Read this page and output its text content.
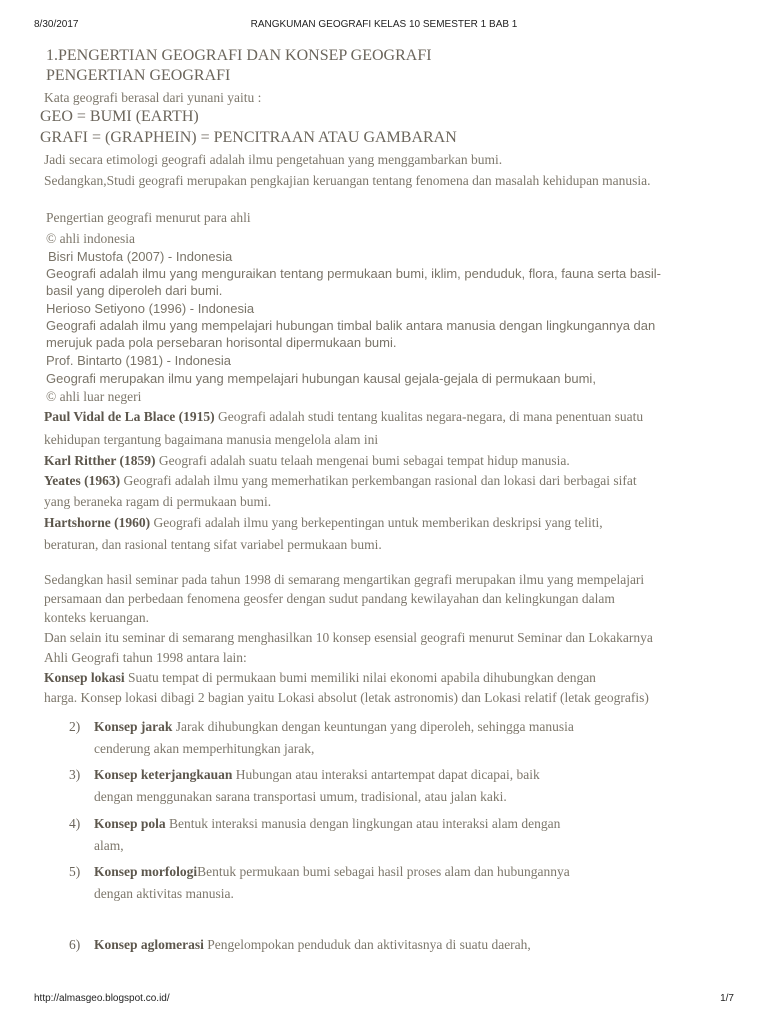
8/30/2017	RANGKUMAN GEOGRAFI KELAS 10 SEMESTER 1 BAB 1
1.PENGERTIAN GEOGRAFI DAN KONSEP GEOGRAFI
PENGERTIAN GEOGRAFI
Kata geografi berasal dari yunani yaitu :
GEO = BUMI (EARTH)
GRAFI = (GRAPHEIN) = PENCITRAAN ATAU GAMBARAN
Jadi secara etimologi geografi adalah ilmu pengetahuan yang menggambarkan bumi.
Sedangkan,Studi geografi merupakan pengkajian keruangan tentang fenomena dan masalah kehidupan manusia.
Pengertian geografi menurut para ahli
© ahli indonesia
Bisri Mustofa (2007) - Indonesia
Geografi adalah ilmu yang menguraikan tentang permukaan bumi, iklim, penduduk, flora, fauna serta basil-
basil yang diperoleh dari bumi.
Herioso Setiyono (1996) - Indonesia
Geografi adalah ilmu yang mempelajari hubungan timbal balik antara manusia dengan lingkungannya dan
merujuk pada pola persebaran horisontal dipermukaan bumi.
Prof. Bintarto (1981) - Indonesia
Geografi merupakan ilmu yang mempelajari hubungan kausal gejala-gejala di permukaan bumi,
© ahli luar negeri
Paul Vidal de La Blace (1915) Geografi adalah studi tentang kualitas negara-negara, di mana penentuan suatu
kehidupan tergantung bagaimana manusia mengelola alam ini
Karl Ritther (1859) Geografi adalah suatu telaah mengenai bumi sebagai tempat hidup manusia.
Yeates (1963) Geografi adalah ilmu yang memerhatikan perkembangan rasional dan lokasi dari berbagai sifat
yang beraneka ragam di permukaan bumi.
Hartshorne (1960) Geografi adalah ilmu yang berkepentingan untuk memberikan deskripsi yang teliti,
beraturan, dan rasional tentang sifat variabel permukaan bumi.
Sedangkan hasil seminar pada tahun 1998 di semarang mengartikan gegrafi merupakan ilmu yang mempelajari
persamaan dan perbedaan fenomena geosfer dengan sudut pandang kewilayahan dan kelingkungan dalam
konteks keruangan.
Dan selain itu seminar di semarang menghasilkan 10 konsep esensial geografi menurut Seminar dan Lokakarnya
Ahli Geografi tahun 1998 antara lain:
Konsep lokasi Suatu tempat di permukaan bumi memiliki nilai ekonomi apabila dihubungkan dengan
harga. Konsep lokasi dibagi 2 bagian yaitu Lokasi absolut (letak astronomis) dan Lokasi relatif (letak geografis)
2) Konsep jarak Jarak dihubungkan dengan keuntungan yang diperoleh, sehingga manusia
cenderung akan memperhitungkan jarak,
3) Konsep keterjangkauan Hubungan atau interaksi antartempat dapat dicapai, baik
dengan menggunakan sarana transportasi umum, tradisional, atau jalan kaki.
4) Konsep pola Bentuk interaksi manusia dengan lingkungan atau interaksi alam dengan
alam,
5) Konsep morfologiBentuk permukaan bumi sebagai hasil proses alam dan hubungannya
dengan aktivitas manusia.
6) Konsep aglomerasi Pengelompokan penduduk dan aktivitasnya di suatu daerah,
http://almasgeo.blogspot.co.id/	1/7
